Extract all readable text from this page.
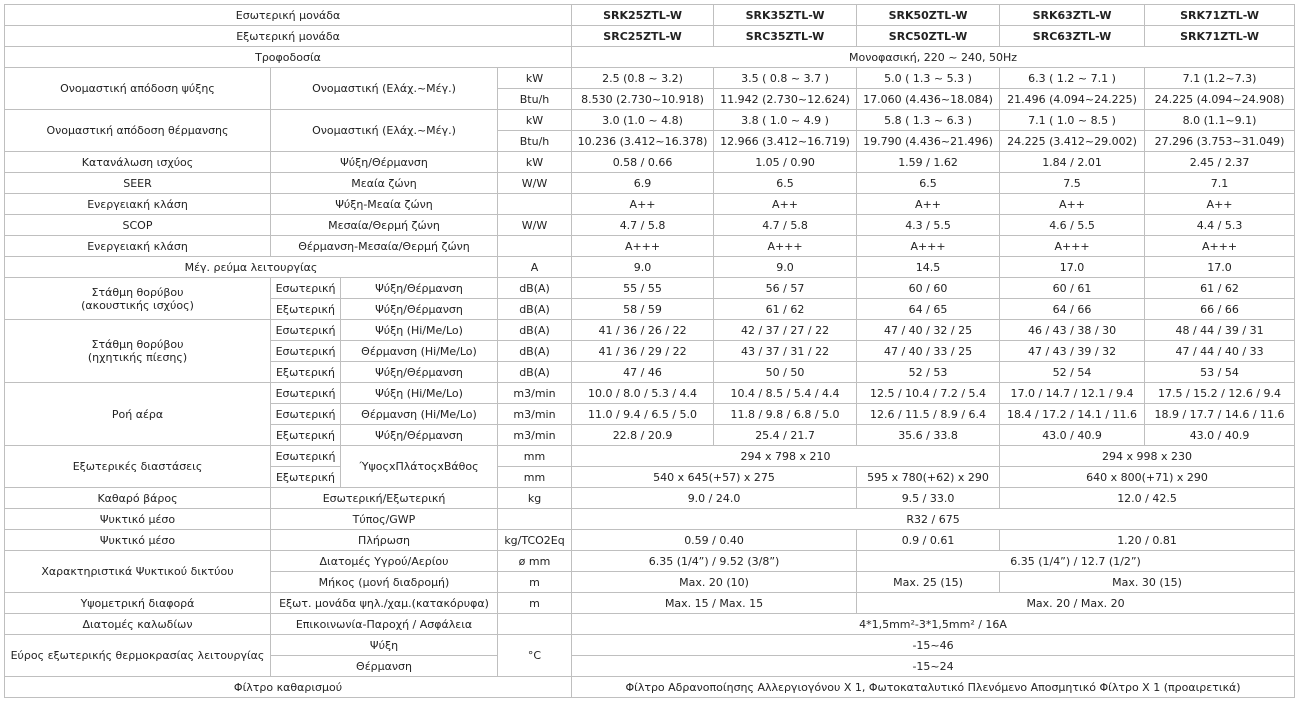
Εσωτερική μονάδα				SRK25ZTL-W	SRK35ZTL-W	SRK50ZTL-W	SRK63ZTL-W	SRK71ZTL-W
Εξωτερική μονάδα				SRC25ZTL-W	SRC35ZTL-W	SRC50ZTL-W	SRC63ZTL-W	SRK71ZTL-W
Τροφοδοσία				Μονοφασική, 220 ~ 240, 50Hz				
Ονομαστική απόδοση ψύξης	Ονομαστική (Ελάχ.~Μέγ.)		kW	2.5 (0.8 ~ 3.2)	3.5 ( 0.8 ~ 3.7 )	5.0 ( 1.3 ~ 5.3 )	6.3 ( 1.2 ~ 7.1 )	7.1 (1.2~7.3)
			Btu/h	8.530 (2.730~10.918)	11.942 (2.730~12.624)	17.060 (4.436~18.084)	21.496 (4.094~24.225)	24.225 (4.094~24.908)
Ονομαστική απόδοση θέρμανσης	Ονομαστική (Ελάχ.~Μέγ.)		kW	3.0 (1.0 ~ 4.8)	3.8 ( 1.0 ~ 4.9 )	5.8 ( 1.3 ~ 6.3 )	7.1 ( 1.0 ~ 8.5 )	8.0 (1.1~9.1)
			Btu/h	10.236 (3.412~16.378)	12.966 (3.412~16.719)	19.790 (4.436~21.496)	24.225 (3.412~29.002)	27.296 (3.753~31.049)
Κατανάλωση ισχύος	Ψύξη/Θέρμανση		kW	0.58 / 0.66	1.05 / 0.90	1.59 / 1.62	1.84 / 2.01	2.45 / 2.37
SEER	Μεαία ζώνη		W/W	6.9	6.5	6.5	7.5	7.1
Ενεργειακή κλάση	Ψύξη-Μεαία ζώνη			A++	A++	A++	A++	A++
SCOP	Μεσαία/Θερμή ζώνη		W/W	4.7 / 5.8	4.7 / 5.8	4.3 / 5.5	4.6 / 5.5	4.4 / 5.3
Ενεργειακή κλάση	Θέρμανση-Μεσαία/Θερμή ζώνη			A+++	A+++	A+++	A+++	A+++
Μέγ. ρεύμα λειτουργίας			A	9.0	9.0	14.5	17.0	17.0
Στάθμη θορύβου
(ακουστικής ισχύος)	Εσωτερική	Ψύξη/Θέρμανση	dB(A)	55 / 55	56 / 57	60 / 60	60 / 61	61 / 62
	Εξωτερική	Ψύξη/Θέρμανση	dB(A)	58 / 59	61 / 62	64 / 65	64 / 66	66 / 66
Στάθμη θορύβου
(ηχητικής πίεσης)	Εσωτερική	Ψύξη (Hi/Me/Lo)	dB(A)	41 / 36 / 26 / 22	42 / 37 / 27 / 22	47 / 40 / 32 / 25	46 / 43 / 38 / 30	48 / 44 / 39 / 31
	Εσωτερική	Θέρμανση (Hi/Me/Lo)	dB(A)	41 / 36 / 29 / 22	43 / 37 / 31 / 22	47 / 40 / 33 / 25	47 / 43 / 39 / 32	47 / 44 / 40 / 33
	Εξωτερική	Ψύξη/Θέρμανση	dB(A)	47 / 46	50 / 50	52 / 53	52 / 54	53 / 54
Ροή αέρα	Εσωτερική	Ψύξη (Hi/Me/Lo)	m3/min	10.0 / 8.0 / 5.3 / 4.4	10.4 / 8.5 / 5.4 / 4.4	12.5 / 10.4 / 7.2 / 5.4	17.0 / 14.7 / 12.1 / 9.4	17.5 / 15.2 / 12.6 / 9.4
	Εσωτερική	Θέρμανση (Hi/Me/Lo)	m3/min	11.0 / 9.4 / 6.5 / 5.0	11.8 / 9.8 / 6.8 / 5.0	12.6 / 11.5 / 8.9 / 6.4	18.4 / 17.2 / 14.1 / 11.6	18.9 / 17.7 / 14.6 / 11.6
	Εξωτερική	Ψύξη/Θέρμανση	m3/min	22.8 / 20.9	25.4 / 21.7	35.6 / 33.8	43.0 / 40.9	43.0 / 40.9
Εξωτερικές διαστάσεις	Εσωτερική	ΎψοςxΠλάτοςxΒάθος	mm	294 x 798 x 210			294 x 998 x 230	
	Εξωτερική		mm	540 x 645(+57) x 275		595 x 780(+62) x 290	640 x 800(+71) x 290	
Καθαρό βάρος	Εσωτερική/Εξωτερική		kg	9.0 / 24.0		9.5 / 33.0	12.0 / 42.5	
Ψυκτικό μέσο	Τύπος/GWP			R32 / 675				
Ψυκτικό μέσο	Πλήρωση		kg/TCO2Eq	0.59 / 0.40		0.9 / 0.61	1.20 / 0.81	
Χαρακτηριστικά Ψυκτικού δικτύου	Διατομές Υγρού/Αερίου		ø mm	6.35 (1/4”) / 9.52 (3/8”)		6.35 (1/4”) / 12.7 (1/2”)		
	Μήκος (μονή διαδρομή)		m	Max. 20 (10)		Max. 25 (15)	Max. 30 (15)	
Υψομετρική διαφορά	Εξωτ. μονάδα ψηλ./χαμ.(κατακόρυφα)		m	Max. 15 / Max. 15		Max. 20 / Max. 20		
Διατομές καλωδίων	Επικοινωνία-Παροχή / Ασφάλεια			4*1,5mm²-3*1,5mm² / 16A				
Εύρος εξωτερικής θερμοκρασίας λειτουργίας	Ψύξη		°C	-15~46				
	Θέρμανση			-15~24				
Φίλτρο καθαρισμού				Φίλτρο Αδρανοποίησης Αλλεργιογόνου Χ 1, Φωτοκαταλυτικό Πλενόμενο Αποσμητικό Φίλτρο Χ 1 (προαιρετικά)				
